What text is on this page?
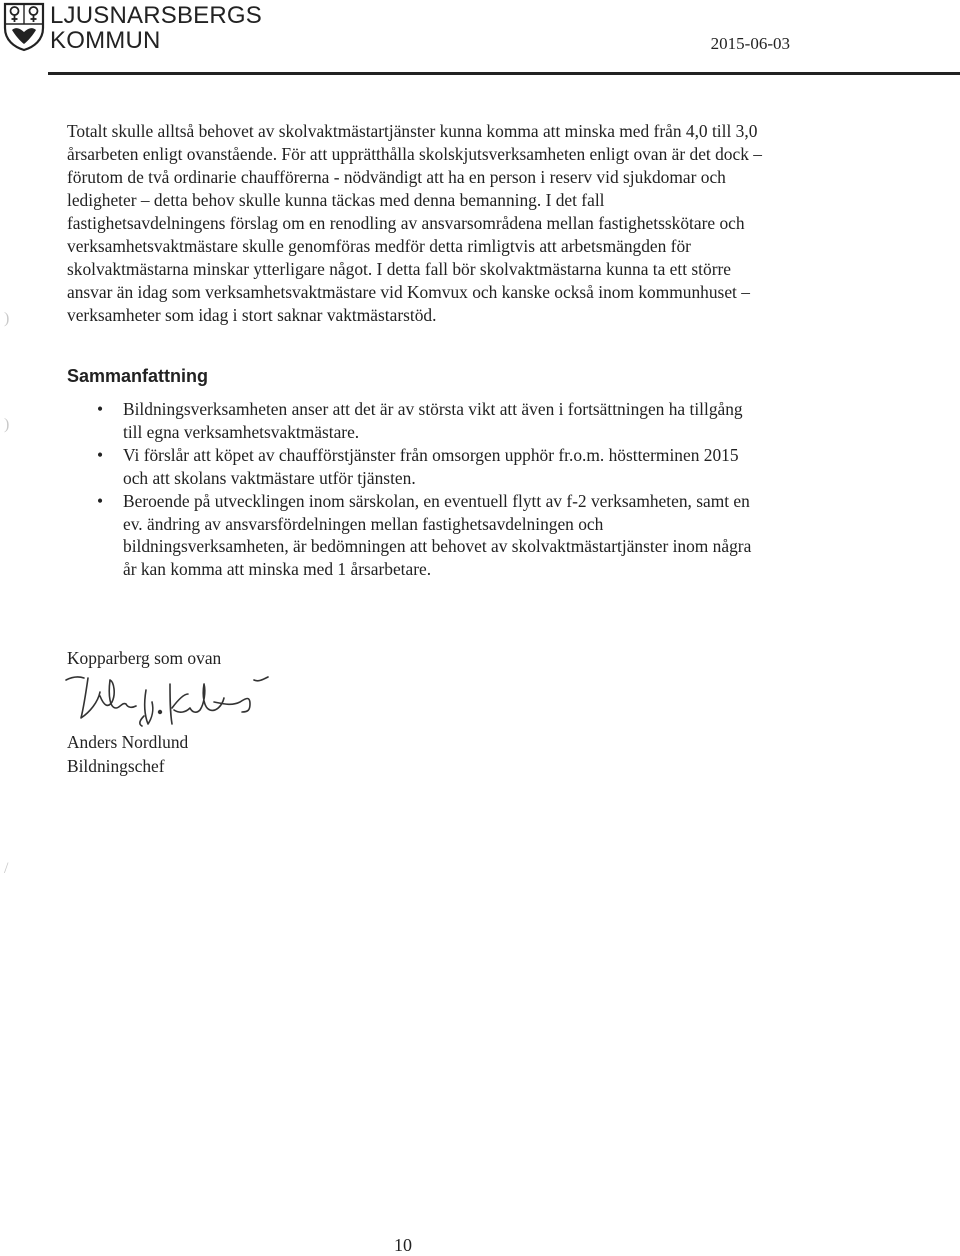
LJUSNARSBERGS
KOMMUN	2015-06-03

Totalt skulle alltså behovet av skolvaktmästartjänster kunna komma att minska med från 4,0 till 3,0 årsarbeten enligt ovanstående. För att upprätthålla skolskjutsverksamheten enligt ovan är det dock – förutom de två ordinarie chaufförerna - nödvändigt att ha en person i reserv vid sjukdomar och ledigheter – detta behov skulle kunna täckas med denna bemanning. I det fall fastighetsavdelningens förslag om en renodling av ansvarsområdena mellan fastighetsskötare och verksamhetsvaktmästare skulle genomföras medför detta rimligtvis att arbetsmängden för skolvaktmästarna minskar ytterligare något. I detta fall bör skolvaktmästarna kunna ta ett större ansvar än idag som verksamhetsvaktmästare vid Komvux och kanske också inom kommunhuset – verksamheter som idag i stort saknar vaktmästarstöd.

Sammanfattning
• Bildningsverksamheten anser att det är av största vikt att även i fortsättningen ha tillgång till egna verksamhetsvaktmästare.
• Vi förslår att köpet av chaufförstjänster från omsorgen upphör fr.o.m. höstterminen 2015 och att skolans vaktmästare utför tjänsten.
• Beroende på utvecklingen inom särskolan, en eventuell flytt av f-2 verksamheten, samt en ev. ändring av ansvarsfördelningen mellan fastighetsavdelningen och bildningsverksamheten, är bedömningen att behovet av skolvaktmästartjänster inom några år kan komma att minska med 1 årsarbetare.

Kopparberg som ovan

Anders Nordlund

Bildningschef

10
)
)
/
